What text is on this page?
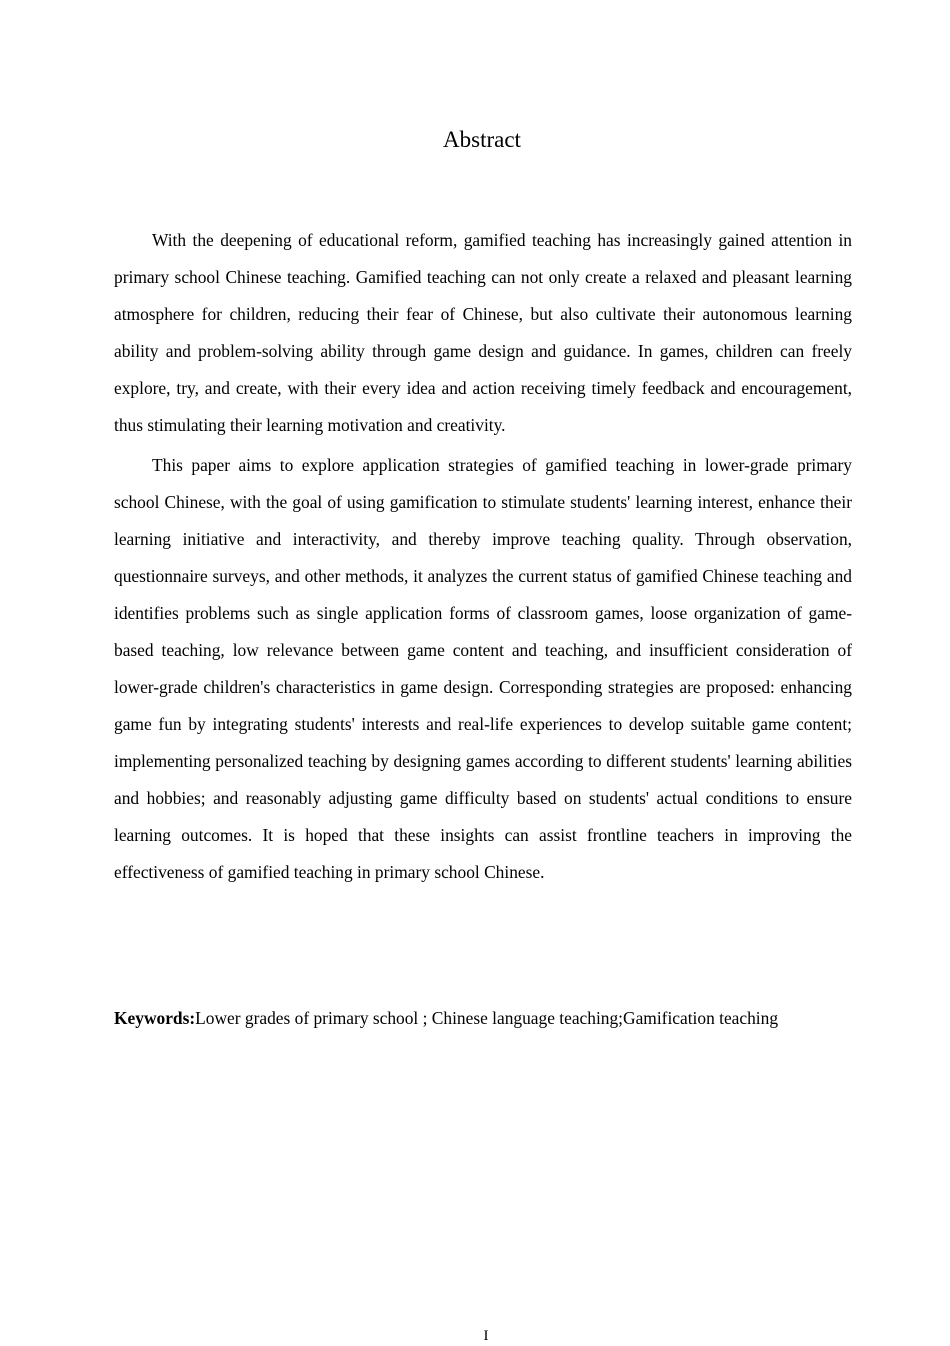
Abstract

With the deepening of educational reform, gamified teaching has increasingly gained attention in primary school Chinese teaching. Gamified teaching can not only create a relaxed and pleasant learning atmosphere for children, reducing their fear of Chinese, but also cultivate their autonomous learning ability and problem-solving ability through game design and guidance. In games, children can freely explore, try, and create, with their every idea and action receiving timely feedback and encouragement, thus stimulating their learning motivation and creativity.

This paper aims to explore application strategies of gamified teaching in lower-grade primary school Chinese, with the goal of using gamification to stimulate students' learning interest, enhance their learning initiative and interactivity, and thereby improve teaching quality. Through observation, questionnaire surveys, and other methods, it analyzes the current status of gamified Chinese teaching and identifies problems such as single application forms of classroom games, loose organization of game-based teaching, low relevance between game content and teaching, and insufficient consideration of lower-grade children's characteristics in game design. Corresponding strategies are proposed: enhancing game fun by integrating students' interests and real-life experiences to develop suitable game content; implementing personalized teaching by designing games according to different students' learning abilities and hobbies; and reasonably adjusting game difficulty based on students' actual conditions to ensure learning outcomes. It is hoped that these insights can assist frontline teachers in improving the effectiveness of gamified teaching in primary school Chinese.

Keywords:Lower grades of primary school ; Chinese language teaching;Gamification teaching
I
